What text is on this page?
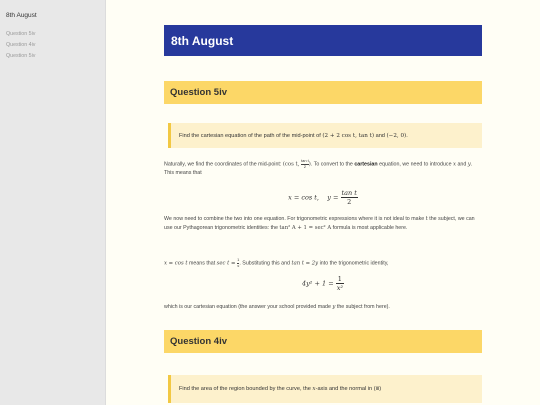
8th August
Question 5iv
Question 4iv
Question 5iv
8th August
Question 5iv
Find the cartesian equation of the path of the mid-point of (2 + 2 cos t, tan t) and (−2, 0).
Naturally, we find the coordinates of the mid-point: (cos t, $\frac{\text{tan t}}{2}$ ). To convert to the cartesian equation, we need to introduce x and y. This means that
x = cos t,    $y = \frac{\text{tan t}}{2}$
We now need to combine the two into one equation. For trigonometric expressions where it is not ideal to make t the subject, we can use our Pythagorean trigonometric identities: the tan² A + 1 = sec² A formula is most applicable here.
x = cos t means that $\sec t = \frac{1}{x}$ . Substituting this and tan t = 2y into the trigonometric identity,
$4y^2 + 1 = \frac{1}{\text{x²}}$
which is our cartesian equation (the answer your school provided made y the subject from here).
Question 4iv
Find the area of the region bounded by the curve, the x-axis and the normal in (iii)
